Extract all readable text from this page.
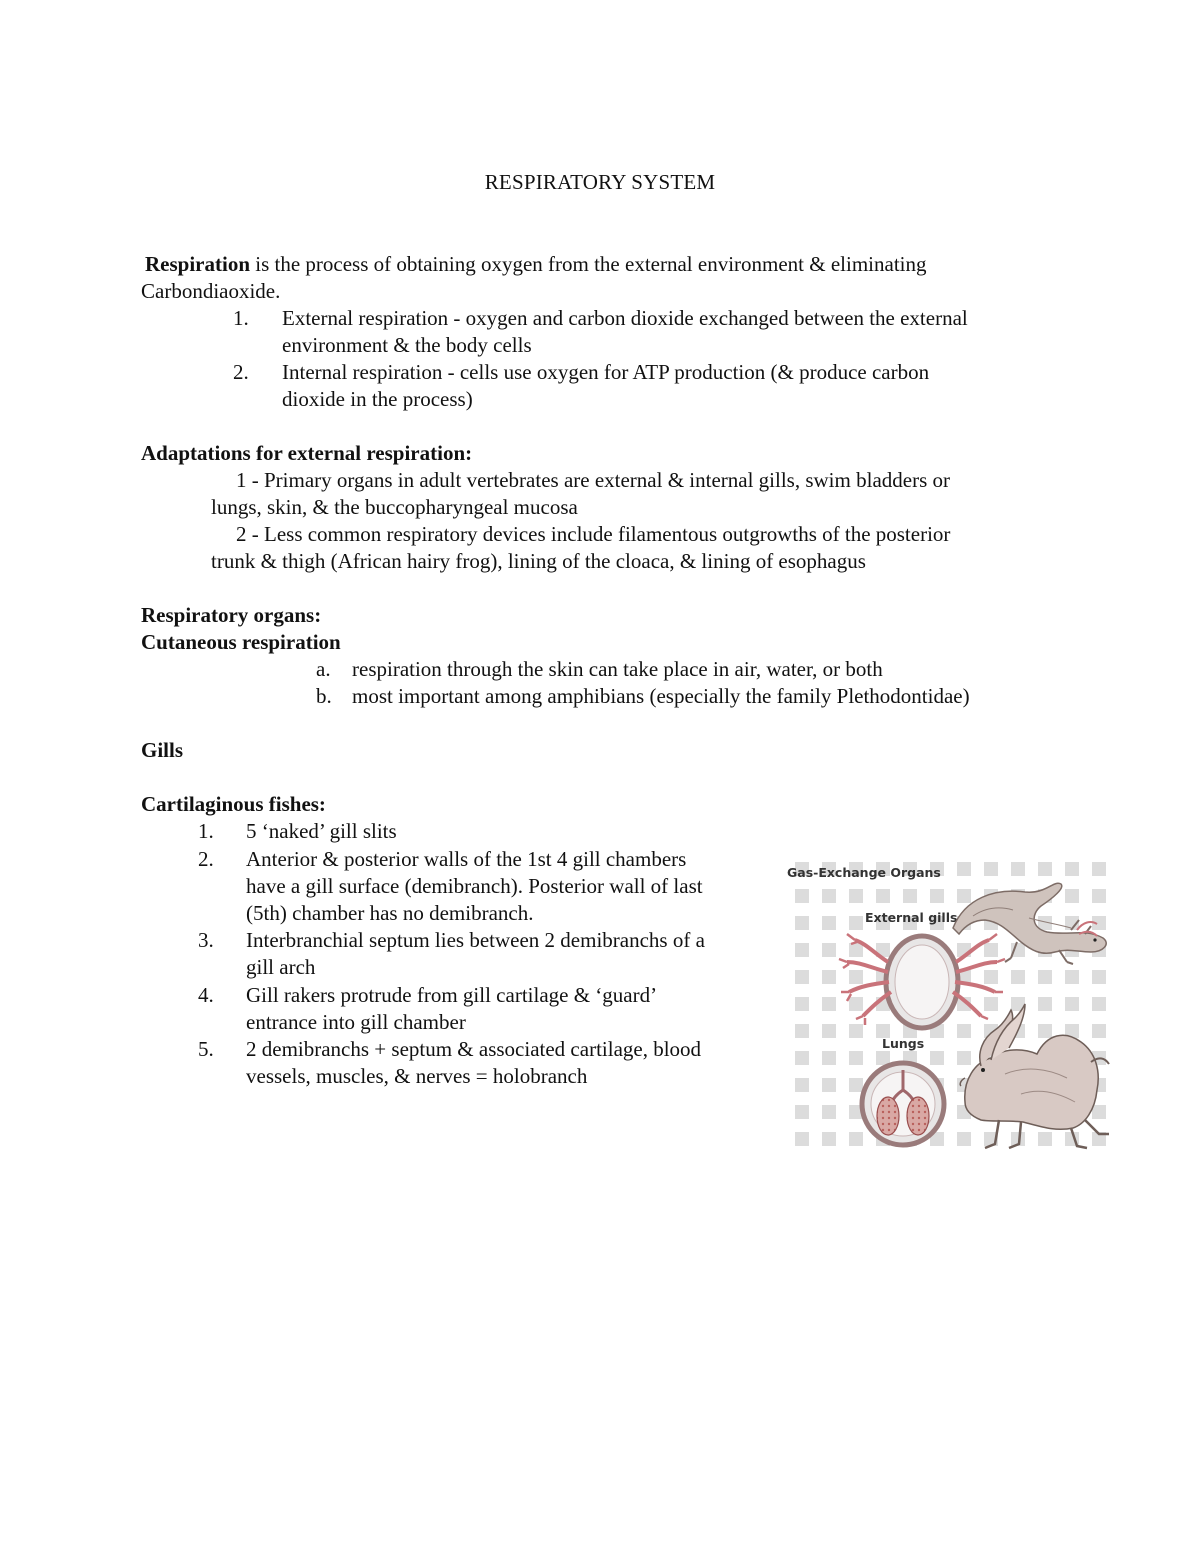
RESPIRATORY SYSTEM
Respiration is the process of obtaining oxygen from the external environment & eliminating
Carbondiaoxide.
1. External respiration - oxygen and carbon dioxide exchanged between the external
environment & the body cells
2. Internal respiration - cells use oxygen for ATP production (& produce carbon
dioxide in the process)
Adaptations for external respiration:
1 - Primary organs in adult vertebrates are external & internal gills, swim bladders or
lungs, skin, & the buccopharyngeal mucosa
2 - Less common respiratory devices include filamentous outgrowths of the posterior
trunk & thigh (African hairy frog), lining of the cloaca, & lining of esophagus
Respiratory organs:
Cutaneous respiration
a. respiration through the skin can take place in air, water, or both
b. most important among amphibians (especially the family Plethodontidae)
Gills
Cartilaginous fishes:
1. 5 ‘naked’ gill slits
2. Anterior & posterior walls of the 1st 4 gill chambers
have a gill surface (demibranch). Posterior wall of last
(5th) chamber has no demibranch.
3. Interbranchial septum lies between 2 demibranchs of a
gill arch
4. Gill rakers protrude from gill cartilage & ‘guard’
entrance into gill chamber
5. 2 demibranchs + septum & associated cartilage, blood
vessels, muscles, & nerves = holobranch
Gas-Exchange Organs
External gills
Lungs
